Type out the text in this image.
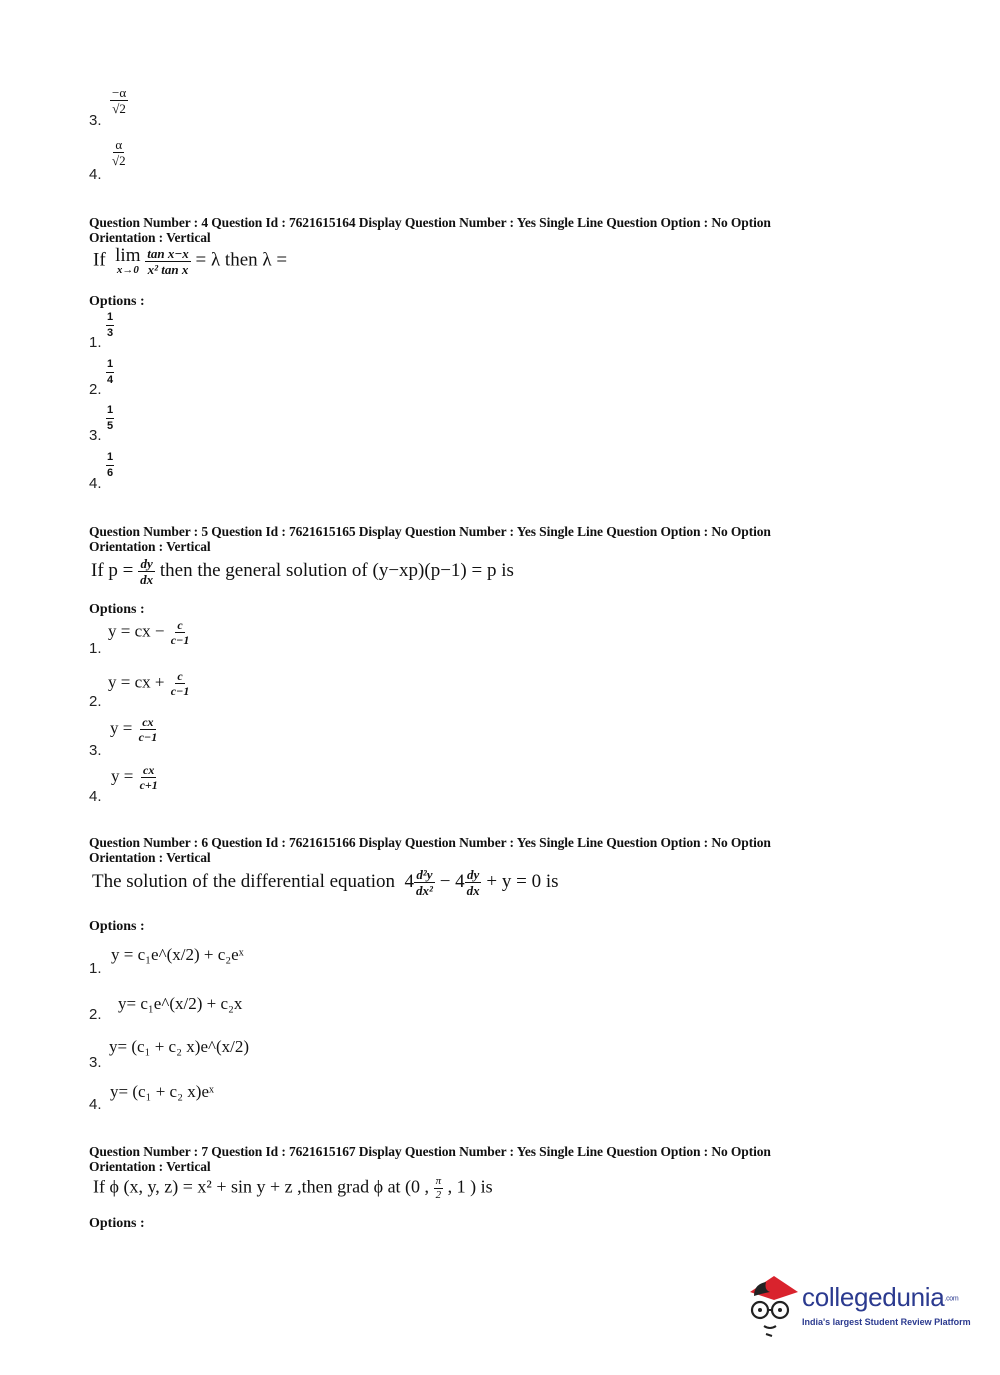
3.
$\frac{-\alpha}{√2}$
4.
$\frac{\alpha}{√2}$
Question Number : 4 Question Id : 7621615164 Display Question Number : Yes Single Line Question Option : No Option
Orientation : Vertical
If lim
x→0
$\frac{\text{tan x−x}}{\text{x² tan x}} = \lambda$ then λ =
Options :
1.
$\frac{1}{3}$
2.
$\frac{1}{4}$
3.
$\frac{1}{5}$
4.
$\frac{1}{6}$
Question Number : 5 Question Id : 7621615165 Display Question Number : Yes Single Line Question Option : No Option
Orientation : Vertical
If $p = \frac{dy}{dx}$ then the general solution of (y−xp)(p−1) = p is
Options :
1.
y = cx − $\frac{c}{c-1}$
2.
y = cx + $\frac{c}{c-1}$
3.
$y = \frac{cx}{c-1}$
4.
$y = \frac{cx}{c+1}$
Question Number : 6 Question Id : 7621615166 Display Question Number : Yes Single Line Question Option : No Option
Orientation : Vertical
The solution of the differential equation $4 \frac{\text{d²y}}{\text{dx²}} - 4 \frac{dy}{dx} + y = 0$ is
Options :
1.
y = c₁e^(x/2) + c₂eˣ
2.
y= c₁e^(x/2) + c₂x
3.
y= (c₁ + c₂ x)e^(x/2)
4.
y= (c₁ + c₂ x)eˣ
Question Number : 7 Question Id : 7621615167 Display Question Number : Yes Single Line Question Option : No Option
Orientation : Vertical
If ϕ (x, y, z) = x² + sin y + z ,then grad ϕ at (0 , $\frac{\pi}{2}$ , 1 ) is
Options :
collegedunia.com
India's largest Student Review Platform
